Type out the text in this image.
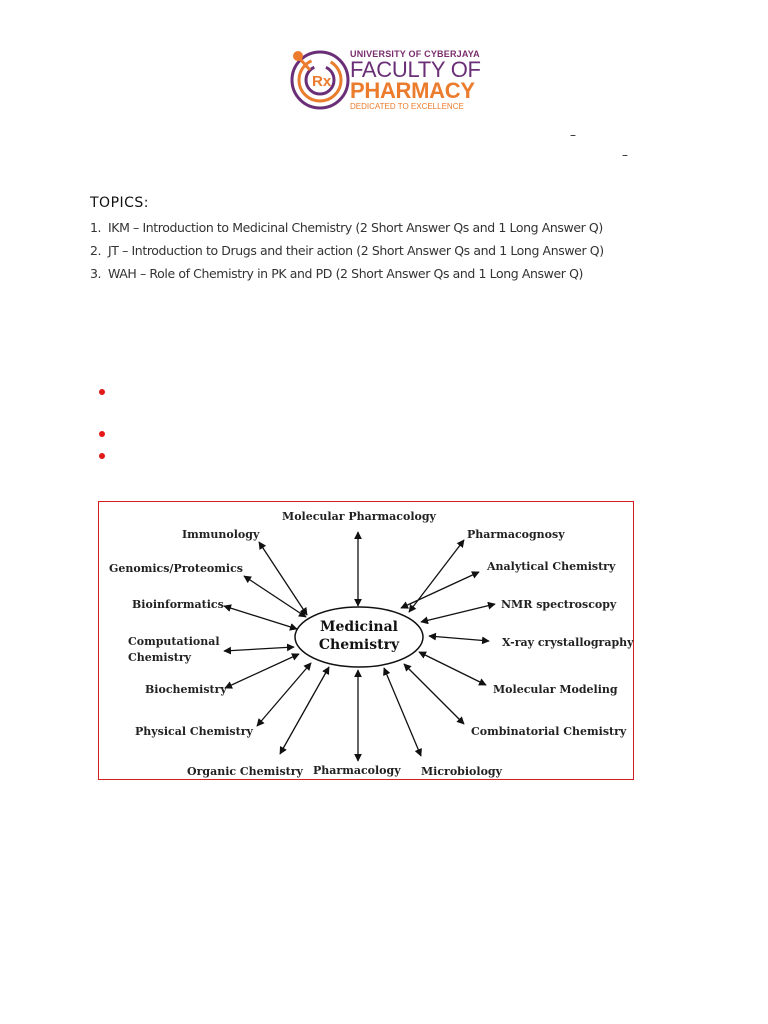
Rx
UNIVERSITY OF CYBERJAYA
FACULTY OF
PHARMACY
DEDICATED TO EXCELLENCE
–
–
TOPICS:
1. IKM – Introduction to Medicinal Chemistry (2 Short Answer Qs and 1 Long Answer Q)
2. JT – Introduction to Drugs and their action (2 Short Answer Qs and 1 Long Answer Q)
3. WAH – Role of Chemistry in PK and PD (2 Short Answer Qs and 1 Long Answer Q)
Medicinal
Chemistry
Molecular Pharmacology
Immunology	Pharmacognosy
Genomics/Proteomics	Analytical Chemistry
Bioinformatics	NMR spectroscopy
Computational
Chemistry
X-ray crystallography
Biochemistry	Molecular Modeling
Physical Chemistry	Combinatorial Chemistry
Organic Chemistry Pharmacology Microbiology
